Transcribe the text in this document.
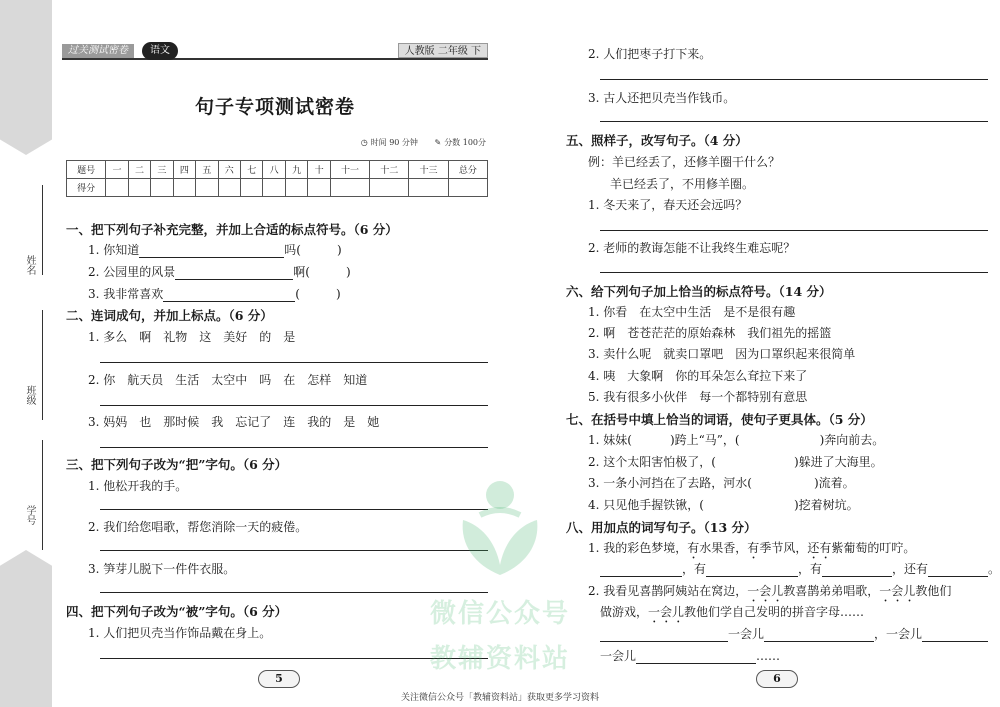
姓名
班级
学号
过关测试密卷	语文	人教版 二年级 下
句子专项测试密卷
◷ 时间 90 分钟 ✎ 分数 100分
题号	一	二	三	四	五	六	七	八	九	十	十一	十二	十三	总分
得分														
一、把下列句子补充完整，并加上合适的标点符号。（6 分）
1. 你知道	吗(　　　)
2. 公园里的风景	啊(　　　)
3. 我非常喜欢	(　　　)
二、连词成句，并加上标点。（6 分）
1. 多么　啊　礼物　这　美好　的　是
2. 你　航天员　生活　太空中　吗　在　怎样　知道
3. 妈妈　也　那时候　我　忘记了　连　我的　是　她
三、把下列句子改为“把”字句。（6 分）
1. 他松开我的手。
2. 我们给您唱歌，帮您消除一天的疲倦。
3. 笋芽儿脱下一件件衣服。
四、把下列句子改为“被”字句。（6 分）
1. 人们把贝壳当作饰品戴在身上。
5
2. 人们把枣子打下来。
3. 古人还把贝壳当作钱币。
五、照样子，改写句子。（4 分）
例：羊已经丢了，还修羊圈干什么？
羊已经丢了，不用修羊圈。
1. 冬天来了，春天还会远吗？
2. 老师的教诲怎能不让我终生难忘呢？
六、给下列句子加上恰当的标点符号。（14 分）
1. 你看　在太空中生活　是不是很有趣
2. 啊　苍苍茫茫的原始森林　我们祖先的摇篮
3. 卖什么呢　就卖口罩吧　因为口罩织起来很简单
4. 咦　大象啊　你的耳朵怎么耷拉下来了
5. 我有很多小伙伴　每一个都特别有意思
七、在括号中填上恰当的词语，使句子更具体。（5 分）
1. 妹妹(	)跨上“马”，(	)奔向前去。
2. 这个太阳害怕极了，(	)躲进了大海里。
3. 一条小河挡在了去路，河水(	)流着。
4. 只见他手握铁锹，(	)挖着树坑。
八、用加点的词写句子。（13 分）
1. 我的彩色梦境，有水果香，有季节风，还有紫葡萄的叮咛。
，有	，有	，还有	。
2. 我看见喜鹊阿姨站在窝边，一会儿教喜鹊弟弟唱歌，一会儿教他们
做游戏，一会儿教他们学自己发明的拼音字母……
一会儿	，一会儿
一会儿	……
6
微信公众号
教辅资料站
关注微信公众号「教辅资料站」获取更多学习资料
